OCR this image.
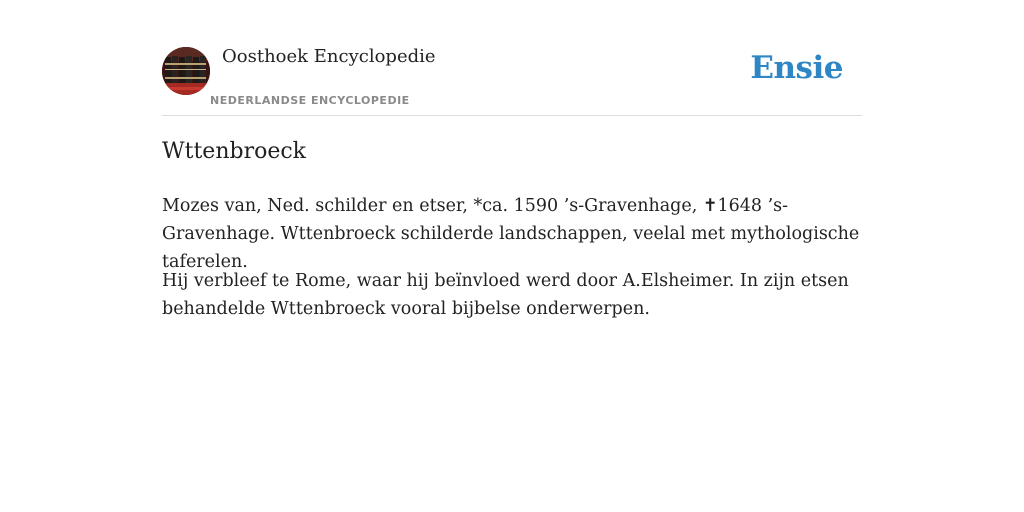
Oosthoek Encyclopedie
NEDERLANDSE ENCYCLOPEDIE
Ensie
Wttenbroeck

Mozes van, Ned. schilder en etser, *ca. 1590 ’s-Gravenhage, ✝1648 ’s-Gravenhage. Wttenbroeck schilderde landschappen, veelal met mythologische taferelen.

Hij verbleef te Rome, waar hij beïnvloed werd door A.Elsheimer. In zijn etsen behandelde Wttenbroeck vooral bijbelse onderwerpen.
